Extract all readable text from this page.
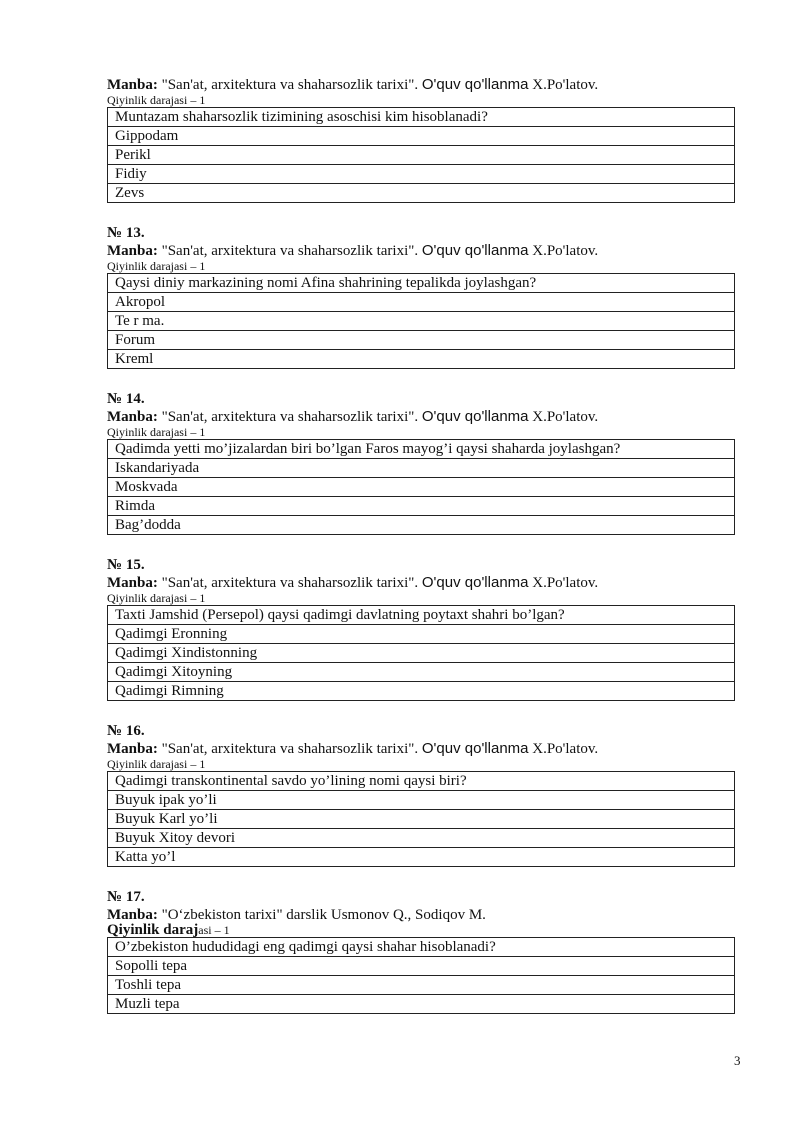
Manba: "San'at, arxitektura va shaharsozlik tarixi". O'quv qo'llanma X.Po'latov.
Qiyinlik darajasi – 1
Muntazam shaharsozlik tizimining asoschisi kim hisoblanadi?
Gippodam
Perikl
Fidiy
Zevs
№ 13.
Manba: "San'at, arxitektura va shaharsozlik tarixi". O'quv qo'llanma X.Po'latov.
Qiyinlik darajasi – 1
Qaysi diniy markazining nomi Afina shahrining tepalikda joylashgan?
Akropol
Te r ma.
Forum
Kreml
№ 14.
Manba: "San'at, arxitektura va shaharsozlik tarixi". O'quv qo'llanma X.Po'latov.
Qiyinlik darajasi – 1
Qadimda yetti mo’jizalardan biri bo’lgan Faros mayog’i qaysi shaharda joylashgan?
Iskandariyada
Moskvada
Rimda
Bag’dodda
№ 15.
Manba: "San'at, arxitektura va shaharsozlik tarixi". O'quv qo'llanma X.Po'latov.
Qiyinlik darajasi – 1
Taxti Jamshid (Persepol) qaysi qadimgi davlatning poytaxt shahri bo’lgan?
Qadimgi Eronning
Qadimgi Xindistonning
Qadimgi Xitoyning
Qadimgi Rimning
№ 16.
Manba: "San'at, arxitektura va shaharsozlik tarixi". O'quv qo'llanma X.Po'latov.
Qiyinlik darajasi – 1
Qadimgi transkontinental savdo yo’lining nomi qaysi biri?
Buyuk ipak yo’li
Buyuk Karl yo’li
Buyuk Xitoy devori
Katta yo’l
№ 17.
Manba: "O‘zbekiston tarixi" darslik Usmonov Q., Sodiqov M.
Qiyinlik darajasi – 1
O’zbekiston hududidagi eng qadimgi qaysi shahar hisoblanadi?
Sopolli tepa
Toshli tepa
Muzli tepa
3
